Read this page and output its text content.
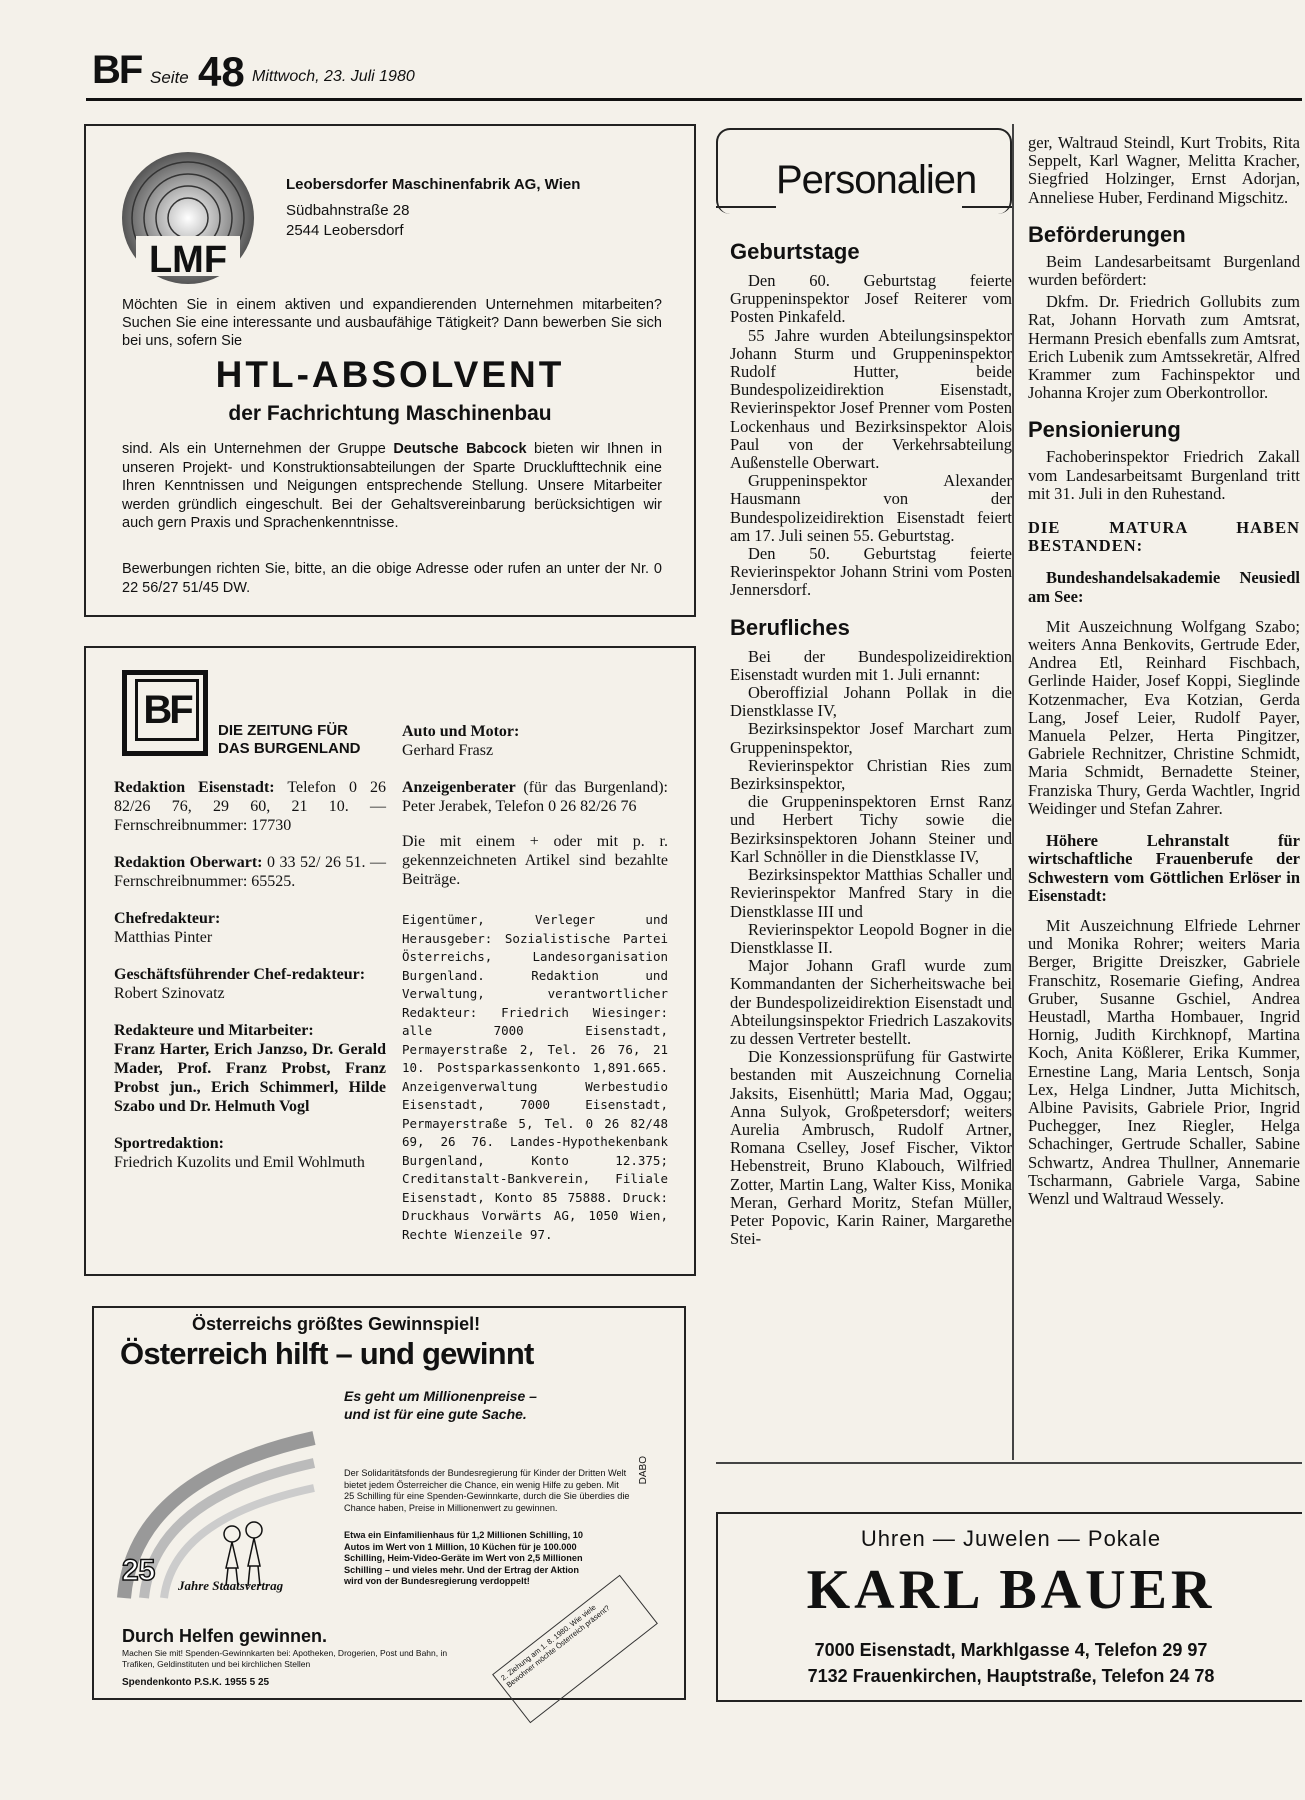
BF Seite 48 Mittwoch, 23. Juli 1980
LMF
Leobersdorfer Maschinenfabrik AG, Wien
Südbahnstraße 28
2544 Leobersdorf

Möchten Sie in einem aktiven und expandierenden Unternehmen mitarbeiten? Suchen Sie eine interessante und ausbaufähige Tätigkeit? Dann bewerben Sie sich bei uns, sofern Sie

HTL-ABSOLVENT
der Fachrichtung Maschinenbau

sind. Als ein Unternehmen der Gruppe Deutsche Babcock bieten wir Ihnen in unseren Projekt- und Konstruktionsabteilungen der Sparte Drucklufttechnik eine Ihren Kenntnissen und Neigungen entsprechende Stellung. Unsere Mitarbeiter werden gründlich eingeschult. Bei der Gehaltsvereinbarung berücksichtigen wir auch gern Praxis und Sprachenkenntnisse.

Bewerbungen richten Sie, bitte, an die obige Adresse oder rufen an unter der Nr. 0 22 56/27 51/45 DW.

BF	DIE ZEITUNG FÜR
DAS BURGENLAND

Redaktion Eisenstadt: Telefon 0 26 82/26 76, 29 60, 21 10. — Fernschreibnummer: 17730

Redaktion Oberwart: 0 33 52/ 26 51. — Fernschreibnummer: 65525.

Chefredakteur:
Matthias Pinter

Geschäftsführender Chef-redakteur:
Robert Szinovatz

Redakteure und Mitarbeiter:
Franz Harter, Erich Janzso, Dr. Gerald Mader, Prof. Franz Probst, Franz Probst jun., Erich Schimmerl, Hilde Szabo und Dr. Helmuth Vogl

Sportredaktion:
Friedrich Kuzolits und Emil Wohlmuth

Auto und Motor:
Gerhard Frasz

Anzeigenberater (für das Burgenland): Peter Jerabek, Telefon 0 26 82/26 76

Die mit einem + oder mit p. r. gekennzeichneten Artikel sind bezahlte Beiträge.

Eigentümer, Verleger und Herausgeber: Sozialistische Partei Österreichs, Landesorganisation Burgenland. Redaktion und Verwaltung, verantwortlicher Redakteur: Friedrich Wiesinger: alle 7000 Eisenstadt, Permayerstraße 2, Tel. 26 76, 21 10. Postsparkassenkonto 1,891.665. Anzeigenverwaltung Werbestudio Eisenstadt, 7000 Eisenstadt, Permayerstraße 5, Tel. 0 26 82/48 69, 26 76. Landes-Hypothekenbank Burgenland, Konto 12.375; Creditanstalt-Bankverein, Filiale Eisenstadt, Konto 85 75888. Druck: Druckhaus Vorwärts AG, 1050 Wien, Rechte Wienzeile 97.

Österreichs größtes Gewinnspiel!
Österreich hilft – und gewinnt
Es geht um Millionenpreise –
und ist für eine gute Sache.
25 Jahre Staatsvertrag
DABO

Der Solidaritätsfonds der Bundesregierung für Kinder der Dritten Welt bietet jedem Österreicher die Chance, ein wenig Hilfe zu geben. Mit 25 Schilling für eine Spenden-Gewinnkarte, durch die Sie überdies die Chance haben, Preise in Millionenwert zu gewinnen.

Etwa ein Einfamilienhaus für 1,2 Millionen Schilling, 10 Autos im Wert von 1 Million, 10 Küchen für je 100.000 Schilling, Heim-Video-Geräte im Wert von 2,5 Millionen Schilling – und vieles mehr. Und der Ertrag der Aktion wird von der Bundesregierung verdoppelt!

Durch Helfen gewinnen.

Machen Sie mit! Spenden-Gewinnkarten bei: Apotheken, Drogerien, Post und Bahn, in Trafiken, Geldinstituten und bei kirchlichen Stellen

Spendenkonto P.S.K. 1955 5 25

2. Ziehung am 1. 8. 1980. Wie viele Bewohner möchte Österreich präsent?

Personalien
Geburtstage

Den 60. Geburtstag feierte Gruppeninspektor Josef Reiterer vom Posten Pinkafeld.

55 Jahre wurden Abteilungsinspektor Johann Sturm und Gruppeninspektor Rudolf Hutter, beide Bundespolizeidirektion Eisenstadt, Revierinspektor Josef Prenner vom Posten Lockenhaus und Bezirksinspektor Alois Paul von der Verkehrsabteilung Außenstelle Oberwart.

Gruppeninspektor Alexander Hausmann von der Bundespolizeidirektion Eisenstadt feiert am 17. Juli seinen 55. Geburtstag.

Den 50. Geburtstag feierte Revierinspektor Johann Strini vom Posten Jennersdorf.

Berufliches

Bei der Bundespolizeidirektion Eisenstadt wurden mit 1. Juli ernannt:

Oberoffizial Johann Pollak in die Dienstklasse IV,

Bezirksinspektor Josef Marchart zum Gruppeninspektor,

Revierinspektor Christian Ries zum Bezirksinspektor,

die Gruppeninspektoren Ernst Ranz und Herbert Tichy sowie die Bezirksinspektoren Johann Steiner und Karl Schnöller in die Dienstklasse IV,

Bezirksinspektor Matthias Schaller und Revierinspektor Manfred Stary in die Dienstklasse III und

Revierinspektor Leopold Bogner in die Dienstklasse II.

Major Johann Grafl wurde zum Kommandanten der Sicherheitswache bei der Bundespolizeidirektion Eisenstadt und Abteilungsinspektor Friedrich Laszakovits zu dessen Vertreter bestellt.

Die Konzessionsprüfung für Gastwirte bestanden mit Auszeichnung Cornelia Jaksits, Eisenhüttl; Maria Mad, Oggau; Anna Sulyok, Großpetersdorf; weiters Aurelia Ambrusch, Rudolf Artner, Romana Cselley, Josef Fischer, Viktor Hebenstreit, Bruno Klabouch, Wilfried Zotter, Martin Lang, Walter Kiss, Monika Meran, Gerhard Moritz, Stefan Müller, Peter Popovic, Karin Rainer, Margarethe Stei-

ger, Waltraud Steindl, Kurt Trobits, Rita Seppelt, Karl Wagner, Melitta Kracher, Siegfried Holzinger, Ernst Adorjan, Anneliese Huber, Ferdinand Migschitz.

Beförderungen

Beim Landesarbeitsamt Burgenland wurden befördert:

Dkfm. Dr. Friedrich Gollubits zum Rat, Johann Horvath zum Amtsrat, Hermann Presich ebenfalls zum Amtsrat, Erich Lubenik zum Amtssekretär, Alfred Krammer zum Fachinspektor und Johanna Krojer zum Oberkontrollor.

Pensionierung

Fachoberinspektor Friedrich Zakall vom Landesarbeitsamt Burgenland tritt mit 31. Juli in den Ruhestand.

DIE MATURA HABEN BESTANDEN:

Bundeshandelsakademie Neusiedl am See:

Mit Auszeichnung Wolfgang Szabo; weiters Anna Benkovits, Gertrude Eder, Andrea Etl, Reinhard Fischbach, Gerlinde Haider, Josef Koppi, Sieglinde Kotzenmacher, Eva Kotzian, Gerda Lang, Josef Leier, Rudolf Payer, Manuela Pelzer, Herta Pingitzer, Gabriele Rechnitzer, Christine Schmidt, Maria Schmidt, Bernadette Steiner, Franziska Thury, Gerda Wachtler, Ingrid Weidinger und Stefan Zahrer.

Höhere Lehranstalt für wirtschaftliche Frauenberufe der Schwestern vom Göttlichen Erlöser in Eisenstadt:

Mit Auszeichnung Elfriede Lehrner und Monika Rohrer; weiters Maria Berger, Brigitte Dreiszker, Gabriele Franschitz, Rosemarie Giefing, Andrea Gruber, Susanne Gschiel, Andrea Heustadl, Martha Hombauer, Ingrid Hornig, Judith Kirchknopf, Martina Koch, Anita Kößlerer, Erika Kummer, Ernestine Lang, Maria Lentsch, Sonja Lex, Helga Lindner, Jutta Michitsch, Albine Pavisits, Gabriele Prior, Ingrid Puchegger, Inez Riegler, Helga Schachinger, Gertrude Schaller, Sabine Schwartz, Andrea Thullner, Annemarie Tscharmann, Gabriele Varga, Sabine Wenzl und Waltraud Wessely.

Uhren — Juwelen — Pokale
KARL BAUER
7000 Eisenstadt, Markhlgasse 4, Telefon 29 97
7132 Frauenkirchen, Hauptstraße, Telefon 24 78
